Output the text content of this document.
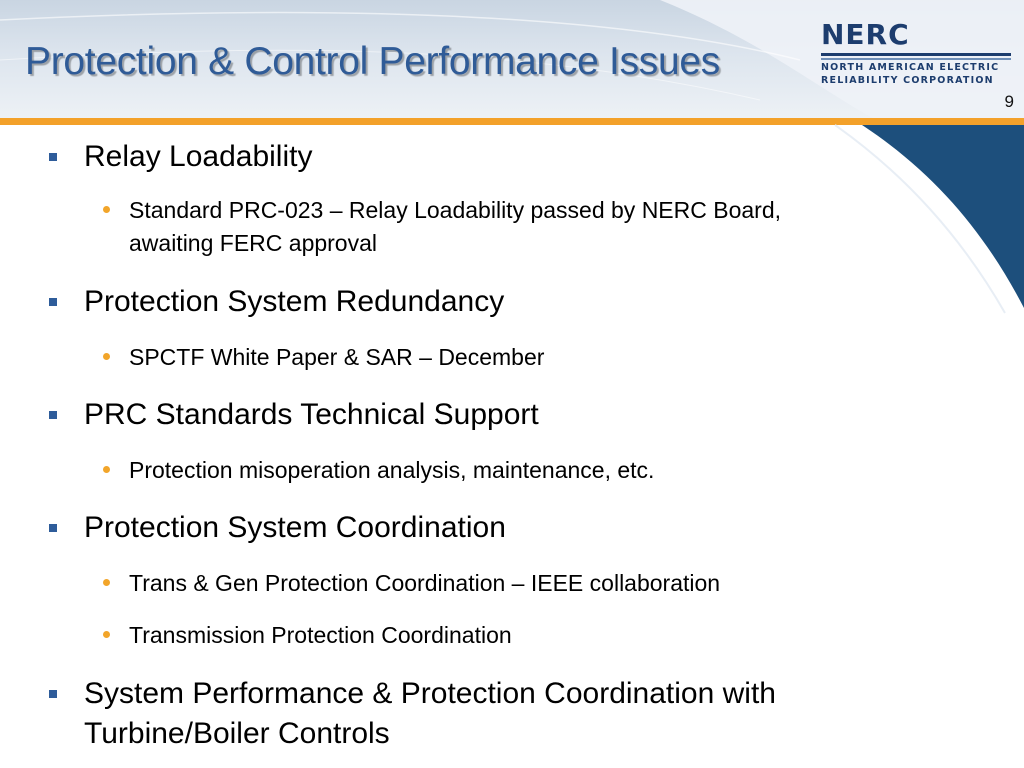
Protection & Control Performance Issues

NERC

NORTH AMERICAN ELECTRIC

RELIABILITY CORPORATION

9

Relay Loadability

Standard PRC-023 – Relay Loadability passed by NERC Board,

awaiting FERC approval

Protection System Redundancy

SPCTF White Paper & SAR – December

PRC Standards Technical Support

Protection misoperation analysis, maintenance, etc.

Protection System Coordination

Trans & Gen Protection Coordination – IEEE collaboration

Transmission Protection Coordination

System Performance & Protection Coordination with

Turbine/Boiler Controls
